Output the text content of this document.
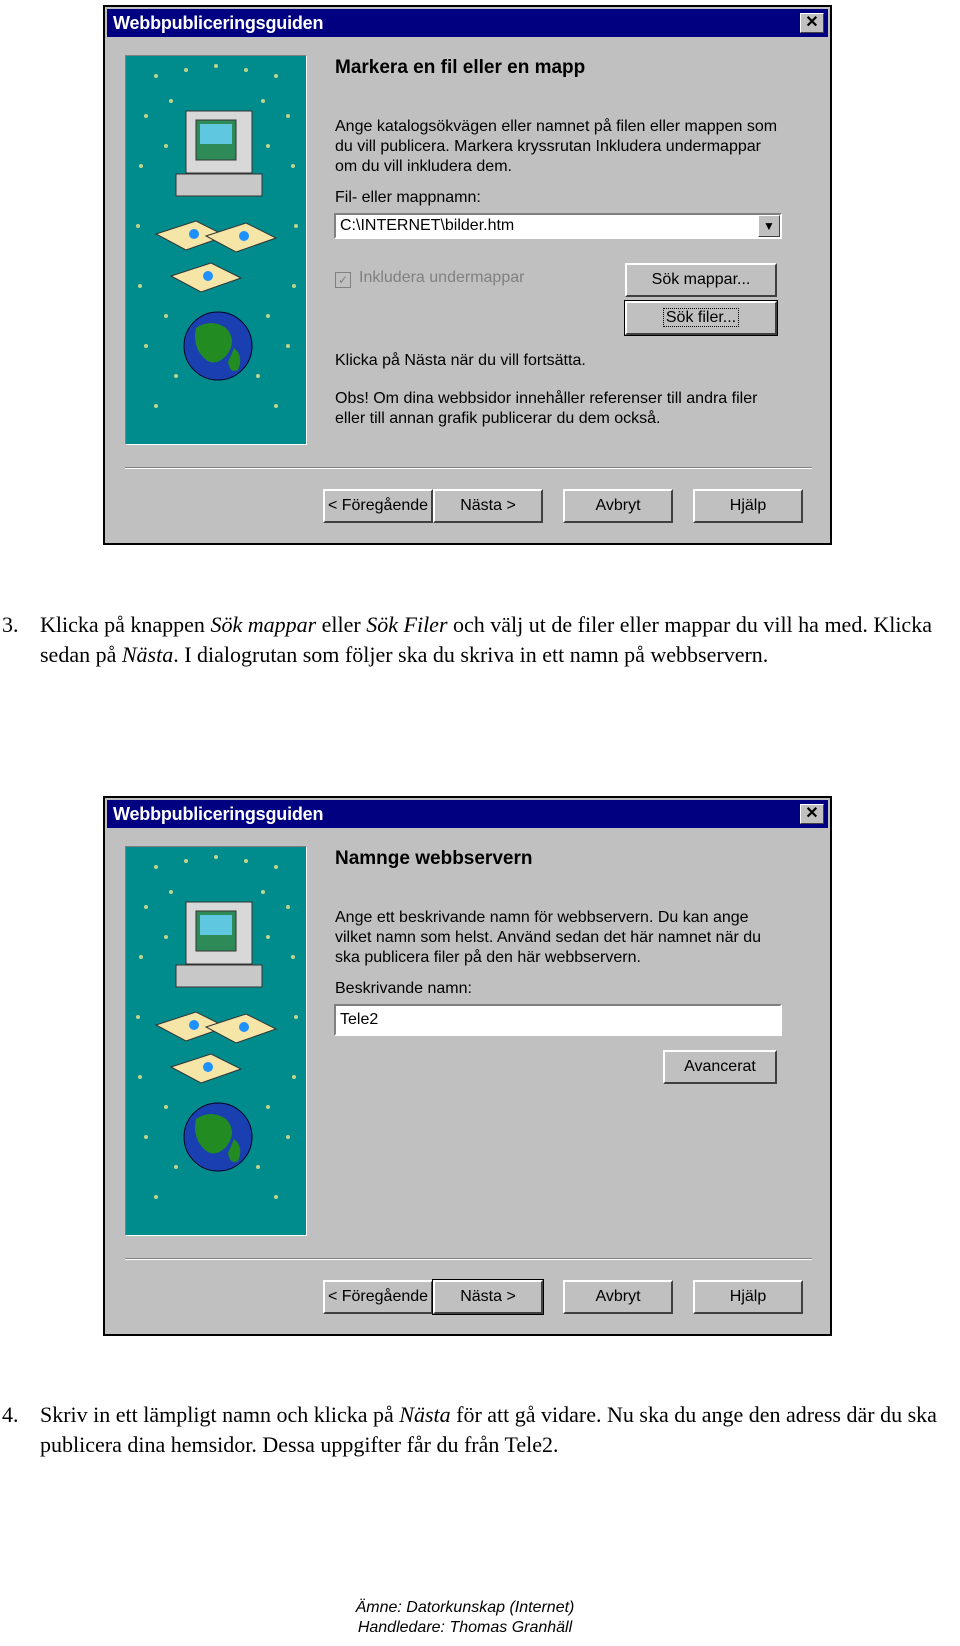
Webbpubliceringsguiden	✕
Markera en fil eller en mapp
Ange katalogsökvägen eller namnet på filen eller mappen som du vill publicera. Markera kryssrutan Inkludera undermappar om du vill inkludera dem.
Fil- eller mappnamn:
C:\INTERNET\bilder.htm	▼
✓ Inkludera undermappar	Sök mappar...
Sök filer...
Klicka på Nästa när du vill fortsätta.
Obs! Om dina webbsidor innehåller referenser till andra filer eller till annan grafik publicerar du dem också.
< Föregående	Nästa >	Avbryt	Hjälp
3. Klicka på knappen Sök mappar eller Sök Filer och välj ut de filer eller mappar du vill ha med. Klicka sedan på Nästa. I dialogrutan som följer ska du skriva in ett namn på webbservern.
Webbpubliceringsguiden	✕
Namnge webbservern
Ange ett beskrivande namn för webbservern. Du kan ange vilket namn som helst. Använd sedan det här namnet när du ska publicera filer på den här webbservern.
Beskrivande namn:
Tele2
Avancerat
< Föregående	Nästa >	Avbryt	Hjälp
4. Skriv in ett lämpligt namn och klicka på Nästa för att gå vidare. Nu ska du ange den adress där du ska publicera dina hemsidor. Dessa uppgifter får du från Tele2.
Ämne: Datorkunskap (Internet)
Handledare: Thomas Granhäll
